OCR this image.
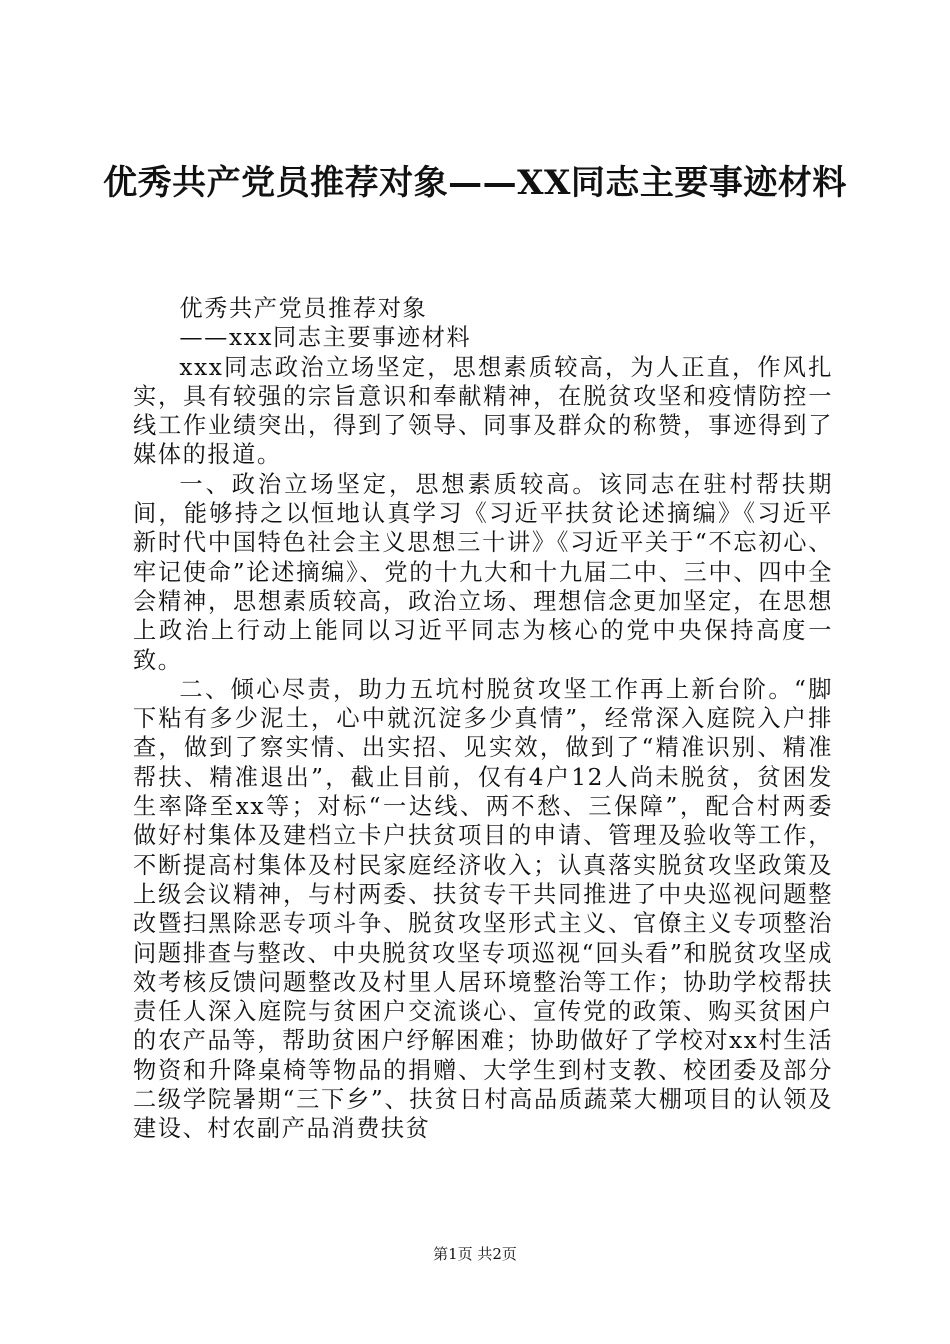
优秀共产党员推荐对象——XX同志主要事迹材料

优秀共产党员推荐对象

——xxx同志主要事迹材料

xxx同志政治立场坚定，思想素质较高，为人正直，作风扎实，具有较强的宗旨意识和奉献精神，在脱贫攻坚和疫情防控一线工作业绩突出，得到了领导、同事及群众的称赞，事迹得到了媒体的报道。

一、政治立场坚定，思想素质较高。该同志在驻村帮扶期间，能够持之以恒地认真学习《习近平扶贫论述摘编》《习近平新时代中国特色社会主义思想三十讲》《习近平关于“不忘初心、牢记使命”论述摘编》、党的十九大和十九届二中、三中、四中全会精神，思想素质较高，政治立场、理想信念更加坚定，在思想上政治上行动上能同以习近平同志为核心的党中央保持高度一致。

二、倾心尽责，助力五坑村脱贫攻坚工作再上新台阶。“脚下粘有多少泥土，心中就沉淀多少真情”，经常深入庭院入户排查，做到了察实情、出实招、见实效，做到了“精准识别、精准帮扶、精准退出”，截止目前，仅有4户12人尚未脱贫，贫困发生率降至xx等；对标“一达线、两不愁、三保障”，配合村两委做好村集体及建档立卡户扶贫项目的申请、管理及验收等工作，不断提高村集体及村民家庭经济收入；认真落实脱贫攻坚政策及上级会议精神，与村两委、扶贫专干共同推进了中央巡视问题整改暨扫黑除恶专项斗争、脱贫攻坚形式主义、官僚主义专项整治问题排查与整改、中央脱贫攻坚专项巡视“回头看”和脱贫攻坚成效考核反馈问题整改及村里人居环境整治等工作；协助学校帮扶责任人深入庭院与贫困户交流谈心、宣传党的政策、购买贫困户的农产品等，帮助贫困户纾解困难；协助做好了学校对xx村生活物资和升降桌椅等物品的捐赠、大学生到村支教、校团委及部分二级学院暑期“三下乡”、扶贫日村高品质蔬菜大棚项目的认领及建设、村农副产品消费扶贫

第1页 共2页
